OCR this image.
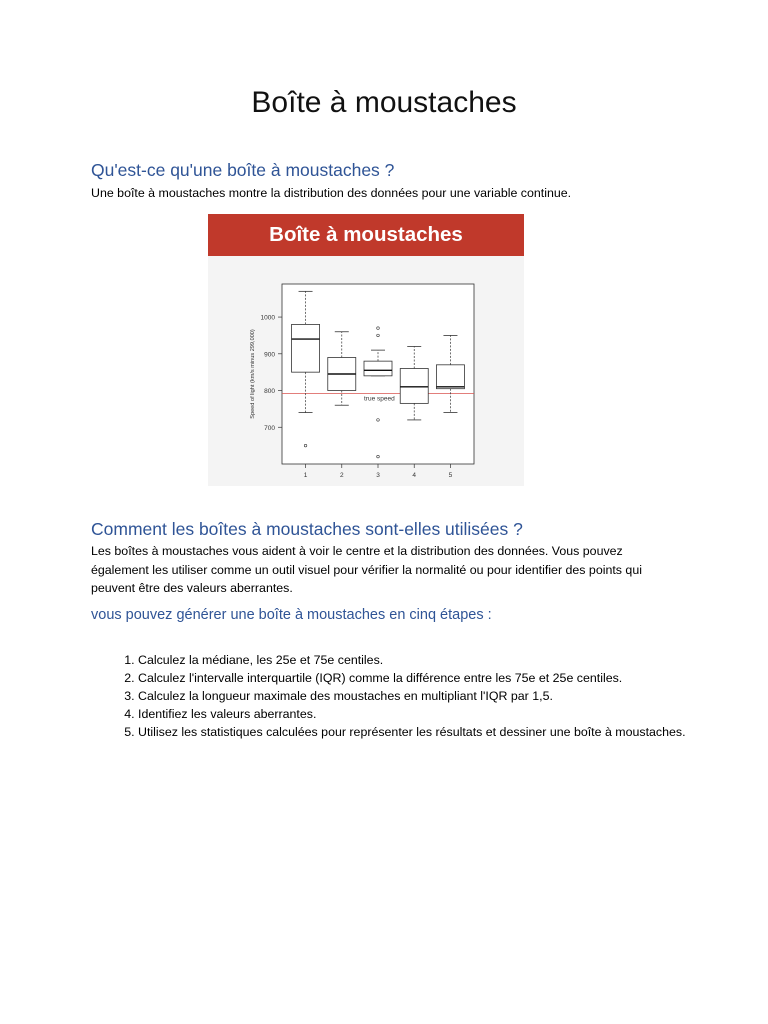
Boîte à moustaches
Qu'est-ce qu'une boîte à moustaches ?

Une boîte à moustaches montre la distribution des données pour une variable continue.

Boîte à moustaches
700
800
900
1000
Speed of light (km/s minus 299,000)	true speed
1	2	3	4	5
Comment les boîtes à moustaches sont-elles utilisées ?

Les boîtes à moustaches vous aident à voir le centre et la distribution des données. Vous pouvez également les utiliser comme un outil visuel pour vérifier la normalité ou pour identifier des points qui peuvent être des valeurs aberrantes.

vous pouvez générer une boîte à moustaches en cinq étapes :
1. Calculez la médiane, les 25e et 75e centiles.
2. Calculez l'intervalle interquartile (IQR) comme la différence entre les 75e et 25e centiles.
3. Calculez la longueur maximale des moustaches en multipliant l'IQR par 1,5.
4. Identifiez les valeurs aberrantes.
5. Utilisez les statistiques calculées pour représenter les résultats et dessiner une boîte à moustaches.
